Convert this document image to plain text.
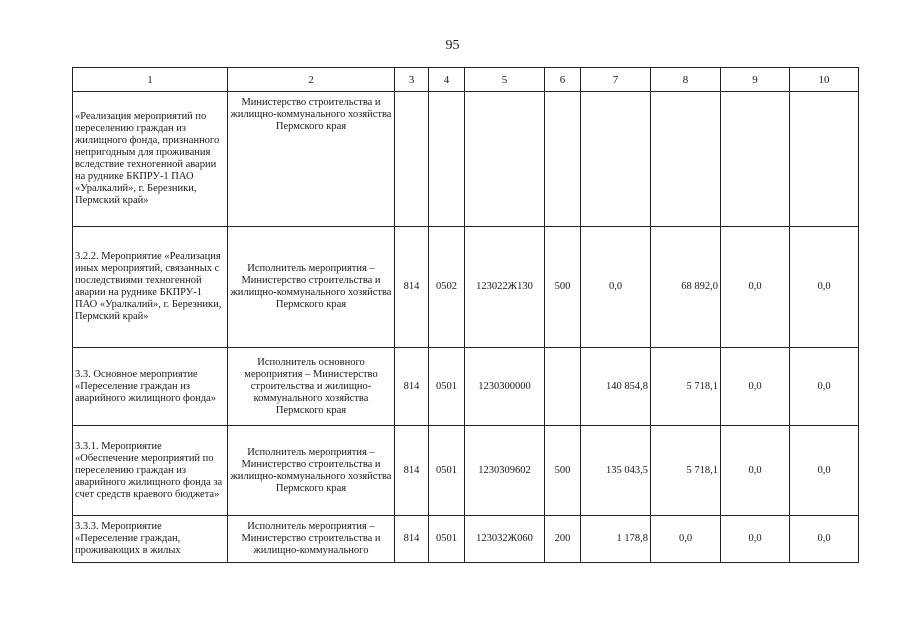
95
1	2	3	4	5	6	7	8	9	10
«Реализация мероприятий по переселению граждан из жилищного фонда, признанного непригодным для проживания вследствие техногенной аварии на руднике БКПРУ-1 ПАО «Уралкалий», г. Березники, Пермский край»	Министерство строительства и жилищно-коммунального хозяйства Пермского края								
3.2.2. Мероприятие «Реализация иных мероприятий, связанных с последствиями техногенной аварии на руднике БКПРУ-1 ПАО «Уралкалий», г. Березники, Пермский край»	Исполнитель мероприятия – Министерство строительства и жилищно-коммунального хозяйства Пермского края	814	0502	123022Ж130	500	0,0	68 892,0	0,0	0,0
3.3. Основное мероприятие «Переселение граждан из аварийного жилищного фонда»	Исполнитель основного мероприятия – Министерство строительства и жилищно-коммунального хозяйства Пермского края	814	0501	1230300000		140 854,8	5 718,1	0,0	0,0
3.3.1. Мероприятие «Обеспечение мероприятий по переселению граждан из аварийного жилищного фонда за счет средств краевого бюджета»	Исполнитель мероприятия – Министерство строительства и жилищно-коммунального хозяйства Пермского края	814	0501	1230309602	500	135 043,5	5 718,1	0,0	0,0
3.3.3. Мероприятие «Переселение граждан, проживающих в жилых	Исполнитель мероприятия – Министерство строительства и жилищно-коммунального	814	0501	123032Ж060	200	1 178,8	0,0	0,0	0,0
